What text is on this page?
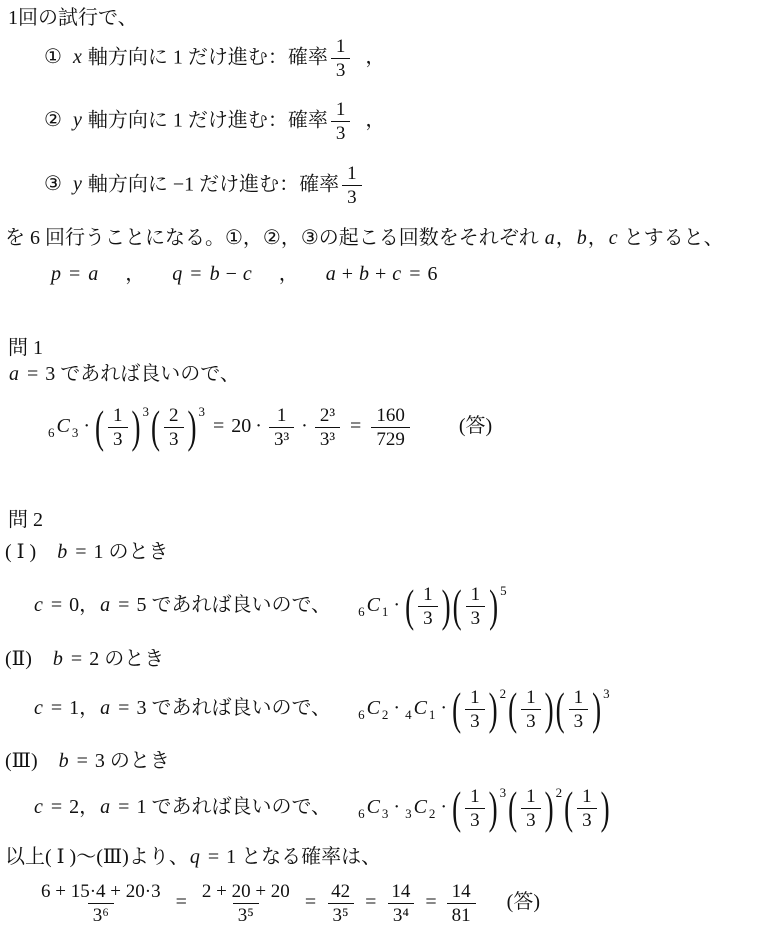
1回の試行で、
① x 軸方向に 1 だけ進む：確率 $\frac{1}{3}$ ，
② y 軸方向に 1 だけ進む：確率 $\frac{1}{3}$ ，
③ y 軸方向に −1 だけ進む：確率 $\frac{1}{3}$
を 6 回行うことになる。①，②，③の起こる回数をそれぞれ a，b，c とすると、
p = a ， q = b − c ， a + b + c = 6
問 1
a = 3 であれば良いので、
$_6$ C $_3$ · ( $\frac{1}{3}$ ) $^3( \frac{2}{3}$ ) $^3= 20 \cdot \frac{1}{\text{3³}} \cdot \frac{\text{2³}}{\text{3³}} = \frac{160}{729}$ (答)
問 2
( Ⅰ )　b = 1 のとき
c = 0，a = 5 であれば良いので、 $_6$ C $_1$ · ( $\frac{1}{3}$ )( $\frac{1}{3}$ ) $^5$
(Ⅱ)　b = 2 のとき
c = 1，a = 3 であれば良いので、 $_6$ C $_2$ · $_4$ C $_1$ · ( $\frac{1}{3}$ ) $^2( \frac{1}{3}$ )( $\frac{1}{3}$ ) $^3$
(Ⅲ)　b = 3 のとき
c = 2，a = 1 であれば良いので、 $_6$ C $_3$ · $_3$ C $_2$ · ( $\frac{1}{3}$ ) $^3( \frac{1}{3}$ ) $^2( \frac{1}{3}$ )
以上( Ⅰ )～(Ⅲ)より、q = 1 となる確率は、
$\frac{6 + 15\cdot 4 + 20\cdot 3}{\text{3⁶}} = \frac{2 + 20 + 20}{\text{3⁵}} = \frac{42}{\text{3⁵}} = \frac{14}{\text{3⁴}} = \frac{14}{81}$ (答)
